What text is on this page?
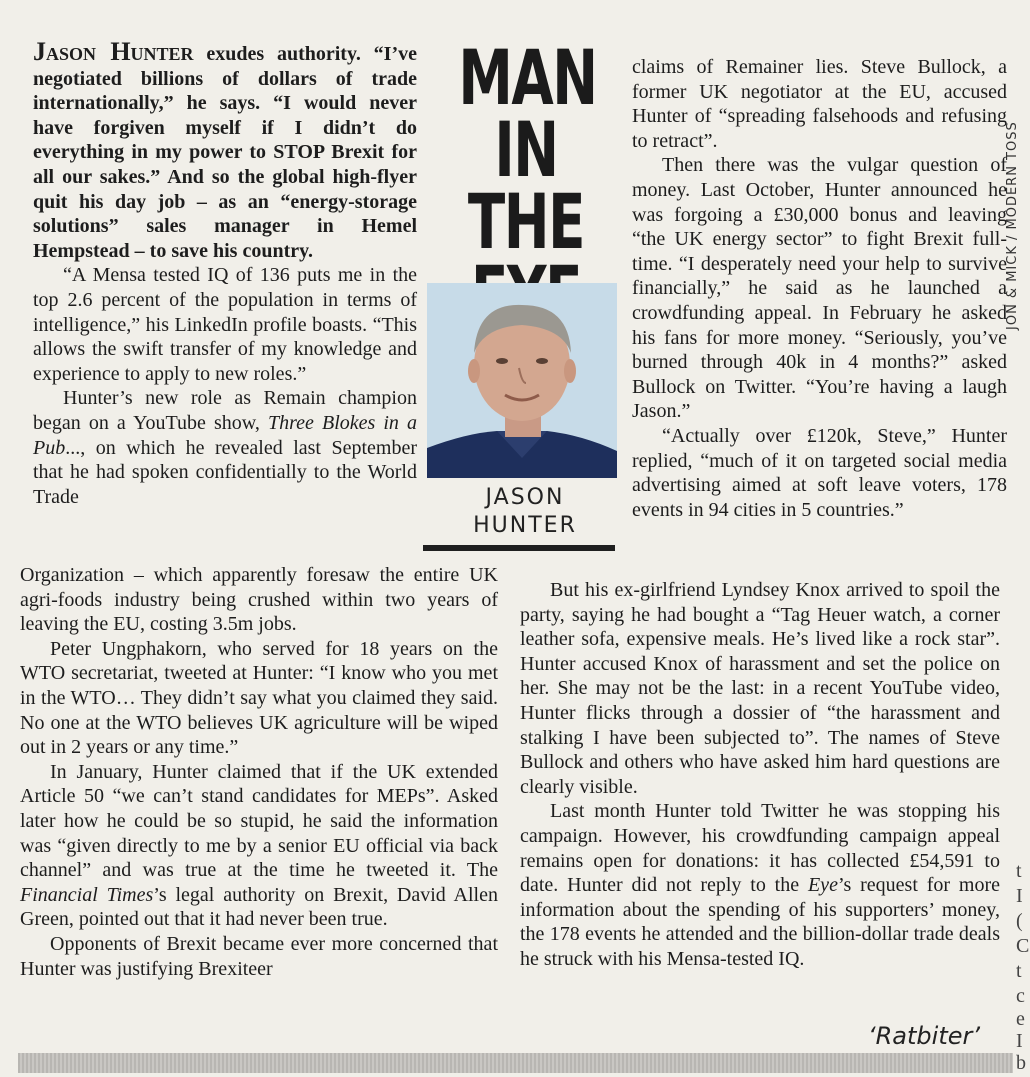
MAN
IN THE
JASON
HUNTER

Jason Hunter exudes authority. “I’ve negotiated billions of dollars of trade internationally,” he says. “I would never have forgiven myself if I didn’t do everything in my power to STOP Brexit for all our sakes.” And so the global high-flyer quit his day job – as an “energy-storage solutions” sales manager in Hemel Hempstead – to save his country.

“A Mensa tested IQ of 136 puts me in the top 2.6 percent of the population in terms of intelligence,” his LinkedIn profile boasts. “This allows the swift transfer of my knowledge and experience to apply to new roles.”

Hunter’s new role as Remain champion began on a YouTube show, Three Blokes in a Pub..., on which he revealed last September that he had spoken confidentially to the World Trade

Organization – which apparently foresaw the entire UK agri-foods industry being crushed within two years of leaving the EU, costing 3.5m jobs.

Peter Ungphakorn, who served for 18 years on the WTO secretariat, tweeted at Hunter: “I know who you met in the WTO… They didn’t say what you claimed they said. No one at the WTO believes UK agriculture will be wiped out in 2 years or any time.”

In January, Hunter claimed that if the UK extended Article 50 “we can’t stand candidates for MEPs”. Asked later how he could be so stupid, he said the information was “given directly to me by a senior EU official via back channel” and was true at the time he tweeted it. The Financial Times’s legal authority on Brexit, David Allen Green, pointed out that it had never been true.

Opponents of Brexit became ever more concerned that Hunter was justifying Brexiteer

claims of Remainer lies. Steve Bullock, a former UK negotiator at the EU, accused Hunter of “spreading falsehoods and refusing to retract”.

Then there was the vulgar question of money. Last October, Hunter announced he was forgoing a £30,000 bonus and leaving “the UK energy sector” to fight Brexit full-time. “I desperately need your help to survive financially,” he said as he launched a crowdfunding appeal. In February he asked his fans for more money. “Seriously, you’ve burned through 40k in 4 months?” asked Bullock on Twitter. “You’re having a laugh Jason.”

“Actually over £120k, Steve,” Hunter replied, “much of it on targeted social media advertising aimed at soft leave voters, 178 events in 94 cities in 5 countries.”

But his ex-girlfriend Lyndsey Knox arrived to spoil the party, saying he had bought a “Tag Heuer watch, a corner leather sofa, expensive meals. He’s lived like a rock star”. Hunter accused Knox of harassment and set the police on her. She may not be the last: in a recent YouTube video, Hunter flicks through a dossier of “the harassment and stalking I have been subjected to”. The names of Steve Bullock and others who have asked him hard questions are clearly visible.

Last month Hunter told Twitter he was stopping his campaign. However, his crowdfunding campaign appeal remains open for donations: it has collected £54,591 to date. Hunter did not reply to the Eye’s request for more information about the spending of his supporters’ money, the 178 events he attended and the billion-dollar trade deals he struck with his Mensa-tested IQ.

‘Ratbiter’
JON & MICK / MODERN TOSS
t
I
(
C
t
c
e
I
b
